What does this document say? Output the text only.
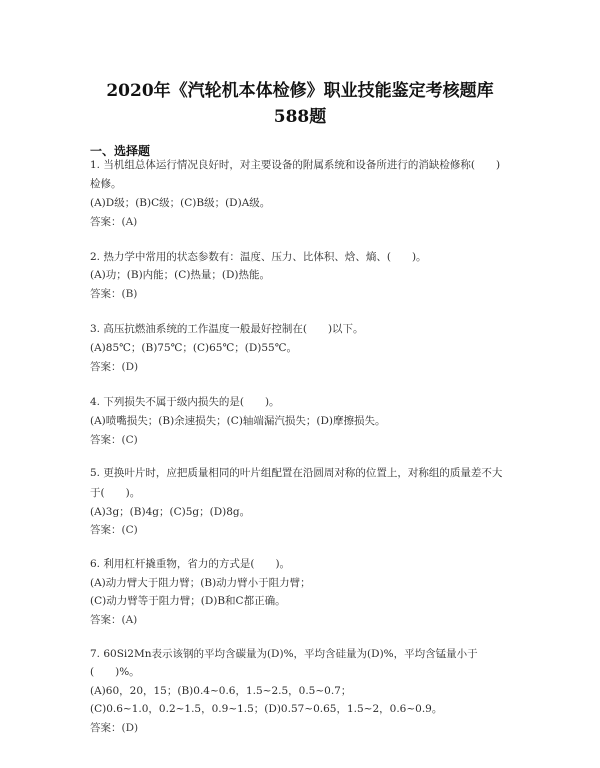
2020年《汽轮机本体检修》职业技能鉴定考核题库
588题
一、选择题
1. 当机组总体运行情况良好时，对主要设备的附属系统和设备所进行的消缺检修称(　　)
检修。
(A)D级；(B)C级；(C)B级；(D)A级。
答案：(A)
2. 热力学中常用的状态参数有：温度、压力、比体积、焓、熵、(　　)。
(A)功；(B)内能；(C)热量；(D)热能。
答案：(B)
3. 高压抗燃油系统的工作温度一般最好控制在(　　)以下。
(A)85℃；(B)75℃；(C)65℃；(D)55℃。
答案：(D)
4. 下列损失不属于级内损失的是(　　)。
(A)喷嘴损失；(B)余速损失；(C)轴端漏汽损失；(D)摩擦损失。
答案：(C)
5. 更换叶片时，应把质量相同的叶片组配置在沿圆周对称的位置上，对称组的质量差不大
于(　　)。
(A)3g；(B)4g；(C)5g；(D)8g。
答案：(C)
6. 利用杠杆撬重物，省力的方式是(　　)。
(A)动力臂大于阻力臂；(B)动力臂小于阻力臂；
(C)动力臂等于阻力臂；(D)B和C都正确。
答案：(A)
7. 60Si2Mn表示该钢的平均含碳量为(D)%，平均含硅量为(D)%，平均含锰量小于
(　　)%。
(A)60，20，15；(B)0.4~0.6，1.5~2.5，0.5~0.7；
(C)0.6~1.0，0.2~1.5，0.9~1.5；(D)0.57~0.65，1.5~2，0.6~0.9。
答案：(D)
